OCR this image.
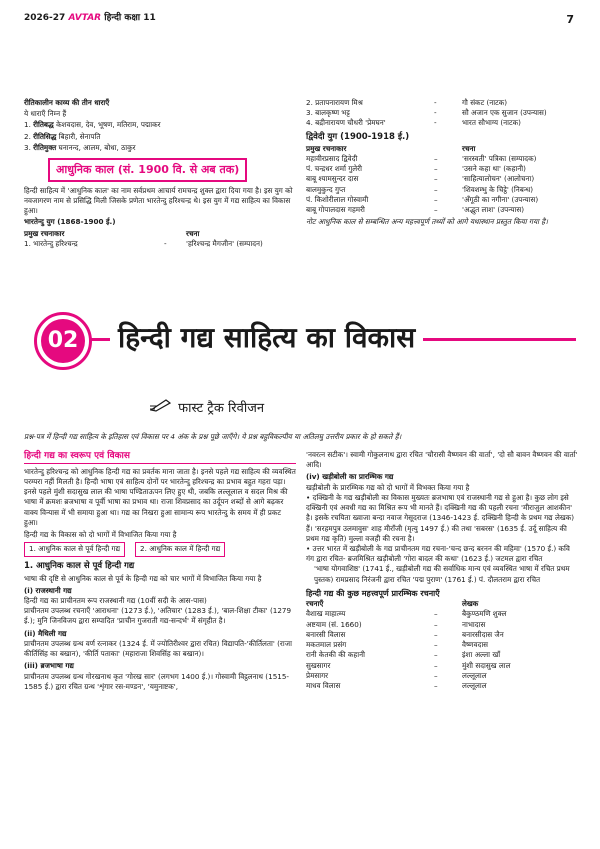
2026-27 AVTAR हिन्दी कक्षा 11	7

रीतिकालीन काव्य की तीन धाराएँ

ये धाराएँ निम्न हैं

1. रीतिबद्ध केशवदास, देव, भूषण, मतिराम, पद्माकर

2. रीतिसिद्ध बिहारी, सेनापति

3. रीतिमुक्त घनानन्द, आलम, बोधा, ठाकुर

आधुनिक काल (सं. 1900 वि. से अब तक)

हिन्दी साहित्य में 'आधुनिक काल' का नाम सर्वप्रथम आचार्य रामचन्द्र शुक्ल द्वारा दिया गया है। इस युग को नवजागरण नाम से प्रसिद्धि मिली जिसके प्रणेता भारतेन्दु हरिश्चन्द्र थे। इस युग में गद्य साहित्य का विकास हुआ।

भारतेन्दु युग (1868-1900 ई.)

प्रमुख रचनाकार	रचना
1. भारतेन्दु हरिश्चन्द्र	-	'हरिश्चन्द्र मैगजीन' (सम्पादन)
2. प्रतापनारायण मिश्र	-	गौ संकट (नाटक)
3. बालकृष्ण भट्ट	-	सौ अजान एक सुजान (उपन्यास)
4. बद्रीनारायण चौधरी 'प्रेमघन'	-	भारत सौभाग्य (नाटक)

द्विवेदी युग (1900-1918 ई.)

प्रमुख रचनाकार	रचना
महावीरप्रसाद द्विवेदी	–	'सरस्वती' पत्रिका (सम्पादक)
पं. चन्द्रधर शर्मा गुलेरी	–	'उसने कहा था' (कहानी)
बाबू श्यामसुन्दर दास	–	'साहित्यालोचन' (आलोचना)
बालमुकुन्द गुप्त	–	'शिवशम्भु के चिट्ठे' (निबन्ध)
पं. किशोरीलाल गोस्वामी	–	'अँगूठी का नगीना' (उपन्यास)
बाबू गोपालदास गहमरी	–	'अद्भुत लाश' (उपन्यास)

नोट आधुनिक काल से सम्बन्धित अन्य महत्त्वपूर्ण तथ्यों को आगे यथास्थान प्रस्तुत किया गया है।

02 हिन्दी गद्य साहित्य का विकास
फास्ट ट्रैक रिवीजन
प्रश्न-पत्र में हिन्दी गद्य साहित्य के इतिहास एवं विकास पर 4 अंक के प्रश्न पूछे जाएँगे। ये प्रश्न बहुविकल्पीय या अतिलघु उत्तरीय प्रकार के हो सकते हैं।
हिन्दी गद्य का स्वरूप एवं विकास

भारतेन्दु हरिश्चन्द्र को आधुनिक हिन्दी गद्य का प्रवर्तक माना जाता है। इनसे पहले गद्य साहित्य की व्यवस्थित परम्परा नहीं मिलती है। हिन्दी भाषा एवं साहित्य दोनों पर भारतेन्दु हरिश्चन्द्र का प्रभाव बहुत गहरा पड़ा। इनसे पहले मुंशी सदासुख लाल की भाषा पण्डिताऊपन लिए हुए थी, जबकि लल्लूलाल व सदल मिश्र की भाषा में क्रमशः ब्रजभाषा व पूर्वी भाषा का प्रभाव था। राजा शिवप्रसाद का उर्दूपन शब्दों से आगे बढ़कर वाक्य विन्यास में भी समाया हुआ था। गद्य का निखरा हुआ सामान्य रूप भारतेन्दु के समय में ही प्रकट हुआ।

हिन्दी गद्य के विकास को दो भागों में विभाजित किया गया है

1. आधुनिक काल से पूर्व हिन्दी गद्य	2. आधुनिक काल में हिन्दी गद्य

1. आधुनिक काल से पूर्व हिन्दी गद्य

भाषा की दृष्टि से आधुनिक काल से पूर्व के हिन्दी गद्य को चार भागों में विभाजित किया गया है

(i) राजस्थानी गद्य

हिन्दी गद्य का प्राचीनतम रूप राजस्थानी गद्य (10वीं सदी के आस-पास)

प्राचीनतम उपलब्ध रचनाएँ 'आराधना' (1273 ई.), 'अतिचार' (1283 ई.), 'बाल-शिक्षा टीका' (1279 ई.); मुनि जिनविजय द्वारा सम्पादित 'प्राचीन गुजराती गद्य-सन्दर्भ' में संगृहीत है।

(ii) मैथिली गद्य

प्राचीनतम उपलब्ध ग्रन्थ वर्ण रत्नाकर (1324 ई. में ज्योतिरीश्वर द्वारा रचित) विद्यापति-'कीर्तिलता' (राजा कीर्तिसिंह का बखान), 'कीर्ति पताका' (महाराजा शिवसिंह का बखान)।

(iii) ब्रजभाषा गद्य

प्राचीनतम उपलब्ध ग्रन्थ गोरखनाथ कृत 'गोरख सार' (लगभग 1400 ई.)। गोस्वामी विट्ठलनाथ (1515-1585 ई.) द्वारा रचित ग्रन्थ 'शृंगार रस-मण्डन', 'यमुनाष्टक',

'नवरत्न सटीक'। स्वामी गोकुलनाथ द्वारा रचित 'चौरासी वैष्णवन की वार्ता', 'दो सौ बावन वैष्णवन की वार्ता' आदि।

(iv) खड़ीबोली का प्रारम्भिक गद्य

खड़ीबोली के प्रारम्भिक गद्य को दो भागों में विभक्त किया गया है

• दक्खिनी के गद्य खड़ीबोली का विकास मुख्यतः ब्रजभाषा एवं राजस्थानी गद्य से हुआ है। कुछ लोग इसे दक्खिनी एवं अवधी गद्य का मिश्रित रूप भी मानते हैं। दक्खिनी गद्य की पहली रचना 'मीराजुल आशकीन' है। इसके रचयिता ख्वाजा बन्दा नवाज गेसूदराज (1346-1423 ई. दक्खिनी हिन्दी के प्रथम गद्य लेखक) हैं। 'सरहमपुत्र उलमावुस' शाह मीराँजी (मृत्यु 1497 ई.) की तथा 'सबरस' (1635 ई. उर्दू साहित्य की प्रथम गद्य कृति) मुल्ला वजही की रचना है।

• उत्तर भारत में खड़ीबोली के गद्य प्राचीनतम गद्य रचना-'चन्द छन्द बरनन की महिमा' (1570 ई.) कवि गंग द्वारा रचित- ब्रजमिश्रित खड़ीबोली 'गोरा बादल की कथा' (1623 ई.) जटमल द्वारा रचित

'भाषा योगवाशिष्ठ' (1741 ई., खड़ीबोली गद्य की सर्वाधिक मान्य एवं व्यवस्थित भाषा में रचित प्रथम पुस्तक) रामप्रसाद निरंजनी द्वारा रचित 'पद्म पुराण' (1761 ई.) पं. दौलतराम द्वारा रचित

हिन्दी गद्य की कुछ महत्त्वपूर्ण प्रारम्भिक रचनाएँ

रचनाएँ	लेखक
वैशाख माहात्म्य	–	बैकुण्ठमणि शुक्ल
अष्टयाम (सं. 1660)	–	नाभादास
बनारसी विलास	–	बनारसीदास जैन
मकतमाल प्रसंग	–	वैष्णवदास
रानी केतकी की कहानी	–	इंशा अल्ला खाँ
सुखसागर	–	मुंशी सदासुख लाल
प्रेमसागर	–	लल्लूलाल
माधव विलास	–	लल्लूलाल
